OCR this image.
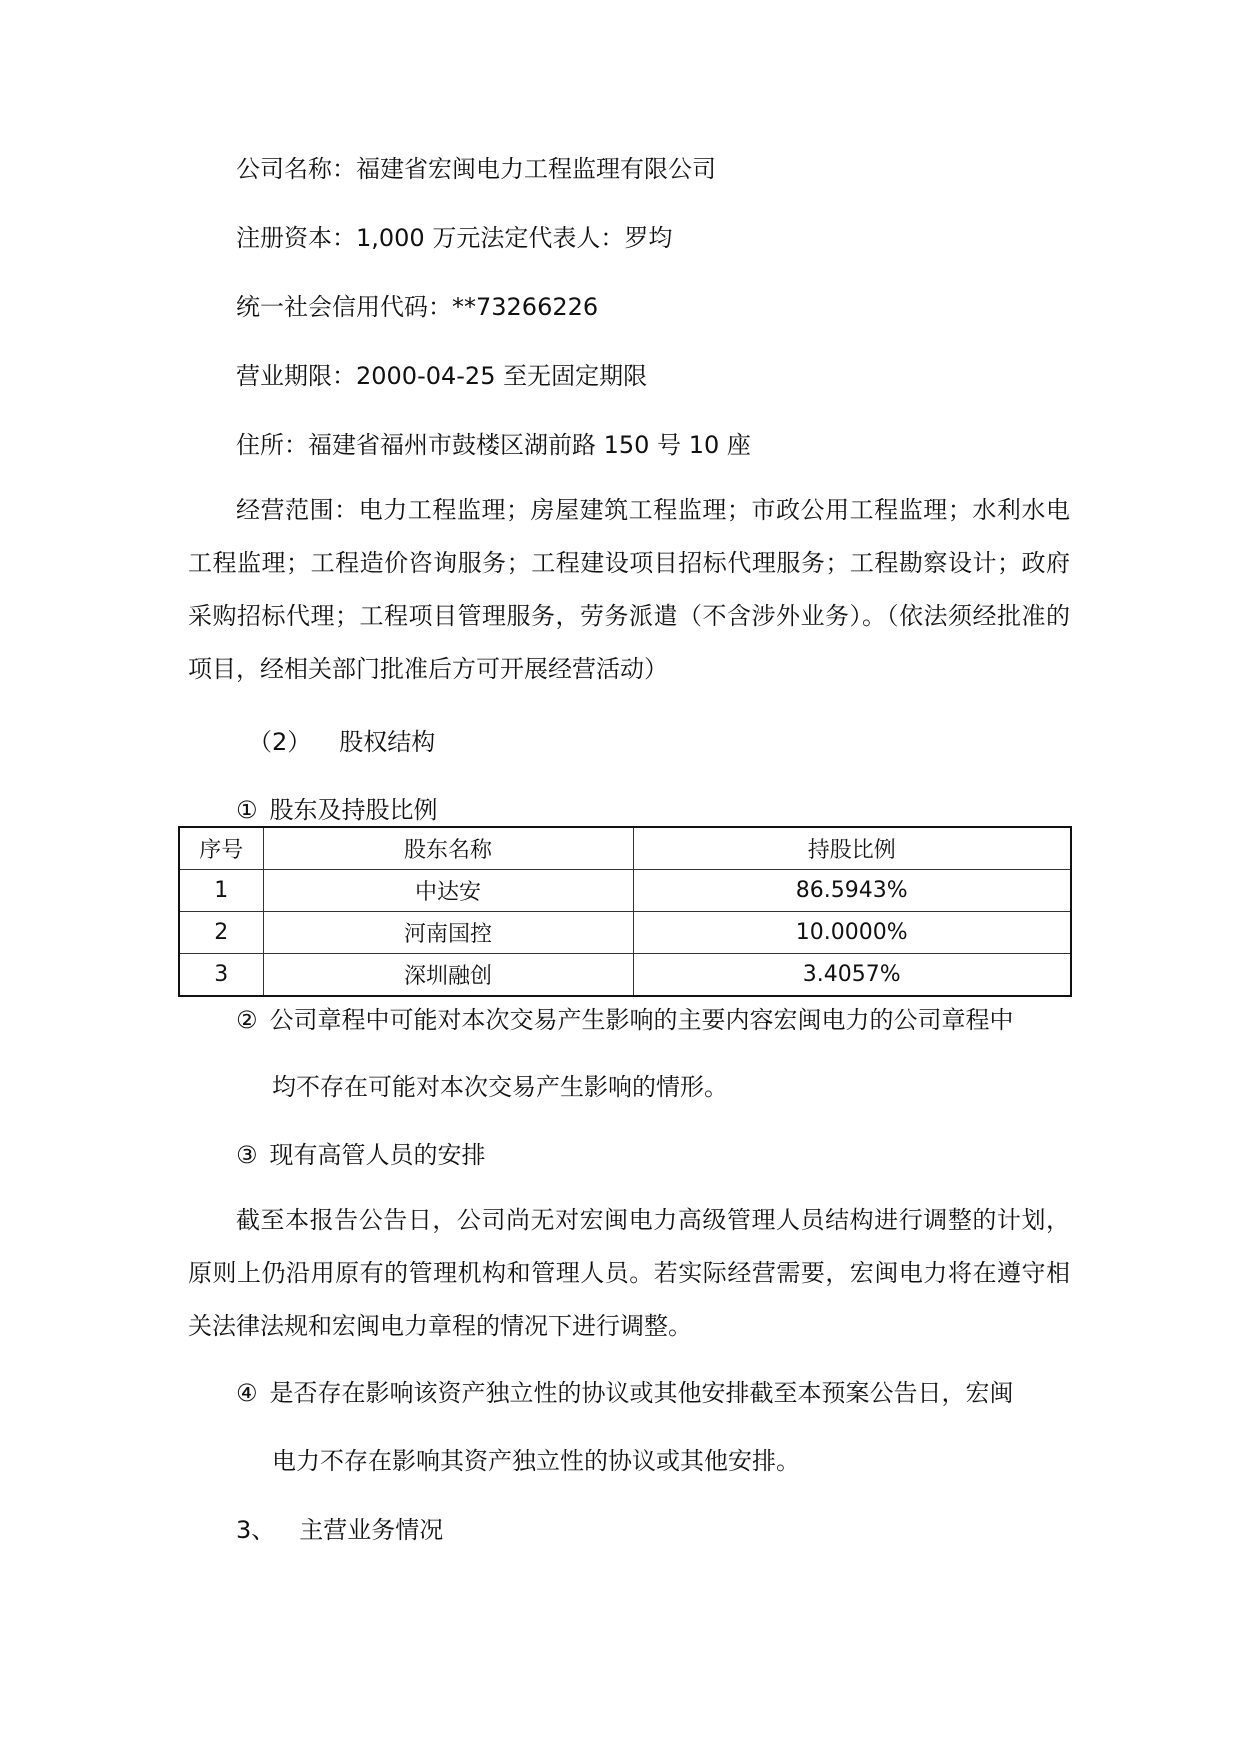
公司名称：福建省宏闽电力工程监理有限公司
注册资本：1,000 万元法定代表人：罗均
统一社会信用代码：**73266226
营业期限：2000-04-25 至无固定期限
住所：福建省福州市鼓楼区湖前路 150 号 10 座
经营范围：电力工程监理；房屋建筑工程监理；市政公用工程监理；水利水电工程监理；工程造价咨询服务；工程建设项目招标代理服务；工程勘察设计；政府采购招标代理；工程项目管理服务，劳务派遣（不含涉外业务）。（依法须经批准的项目，经相关部门批准后方可开展经营活动）
（2） 股权结构
① 股东及持股比例
序号	股东名称	持股比例
1	中达安	86.5943%
2	河南国控	10.0000%
3	深圳融创	3.4057%
② 公司章程中可能对本次交易产生影响的主要内容宏闽电力的公司章程中
均不存在可能对本次交易产生影响的情形。
③ 现有高管人员的安排
截至本报告公告日，公司尚无对宏闽电力高级管理人员结构进行调整的计划，原则上仍沿用原有的管理机构和管理人员。若实际经营需要，宏闽电力将在遵守相关法律法规和宏闽电力章程的情况下进行调整。
④ 是否存在影响该资产独立性的协议或其他安排截至本预案公告日，宏闽
电力不存在影响其资产独立性的协议或其他安排。
3、 主营业务情况
